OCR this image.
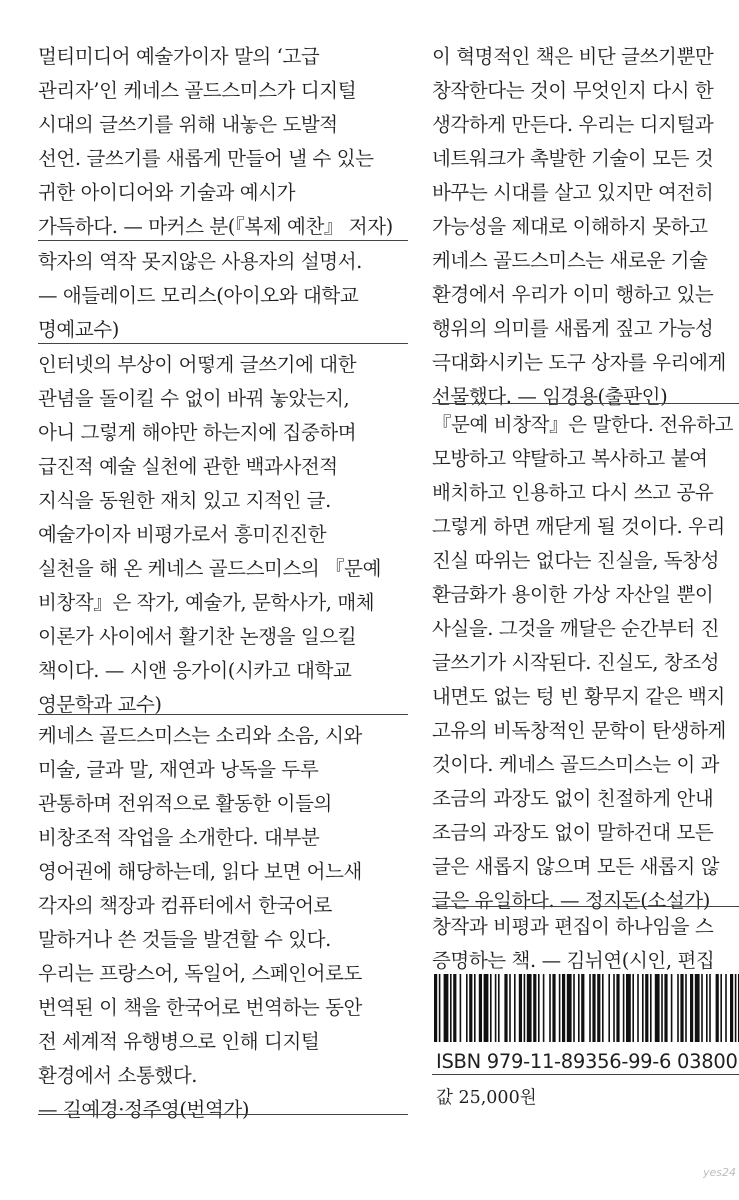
멀티미디어 예술가이자 말의 ‘고급
관리자’인 케네스 골드스미스가 디지털
시대의 글쓰기를 위해 내놓은 도발적
선언. 글쓰기를 새롭게 만들어 낼 수 있는
귀한 아이디어와 기술과 예시가
가득하다. — 마커스 분(『복제 예찬』 저자)
학자의 역작 못지않은 사용자의 설명서.
— 애들레이드 모리스(아이오와 대학교
명예교수)
인터넷의 부상이 어떻게 글쓰기에 대한
관념을 돌이킬 수 없이 바꿔 놓았는지,
아니 그렇게 해야만 하는지에 집중하며
급진적 예술 실천에 관한 백과사전적
지식을 동원한 재치 있고 지적인 글.
예술가이자 비평가로서 흥미진진한
실천을 해 온 케네스 골드스미스의 『문예
비창작』은 작가, 예술가, 문학사가, 매체
이론가 사이에서 활기찬 논쟁을 일으킬
책이다. — 시앤 응가이(시카고 대학교
영문학과 교수)
케네스 골드스미스는 소리와 소음, 시와
미술, 글과 말, 재연과 낭독을 두루
관통하며 전위적으로 활동한 이들의
비창조적 작업을 소개한다. 대부분
영어권에 해당하는데, 읽다 보면 어느새
각자의 책장과 컴퓨터에서 한국어로
말하거나 쓴 것들을 발견할 수 있다.
우리는 프랑스어, 독일어, 스페인어로도
번역된 이 책을 한국어로 번역하는 동안
전 세계적 유행병으로 인해 디지털
환경에서 소통했다.
— 길예경·정주영(번역가)
이 혁명적인 책은 비단 글쓰기뿐만
창작한다는 것이 무엇인지 다시 한
생각하게 만든다. 우리는 디지털과
네트워크가 촉발한 기술이 모든 것
바꾸는 시대를 살고 있지만 여전히
가능성을 제대로 이해하지 못하고
케네스 골드스미스는 새로운 기술
환경에서 우리가 이미 행하고 있는
행위의 의미를 새롭게 짚고 가능성
극대화시키는 도구 상자를 우리에게
선물했다. — 임경용(출판인)
『문예 비창작』은 말한다. 전유하고
모방하고 약탈하고 복사하고 붙여
배치하고 인용하고 다시 쓰고 공유
그렇게 하면 깨닫게 될 것이다. 우리
진실 따위는 없다는 진실을, 독창성
환금화가 용이한 가상 자산일 뿐이
사실을. 그것을 깨달은 순간부터 진
글쓰기가 시작된다. 진실도, 창조성
내면도 없는 텅 빈 황무지 같은 백지
고유의 비독창적인 문학이 탄생하게
것이다. 케네스 골드스미스는 이 과
조금의 과장도 없이 친절하게 안내
조금의 과장도 없이 말하건대 모든
글은 새롭지 않으며 모든 새롭지 않
글은 유일하다. — 정지돈(소설가)
창작과 비평과 편집이 하나임을 스
증명하는 책. — 김뉘연(시인, 편집
ISBN 979-11-89356-99-6 03800
값 25,000원
yes24
